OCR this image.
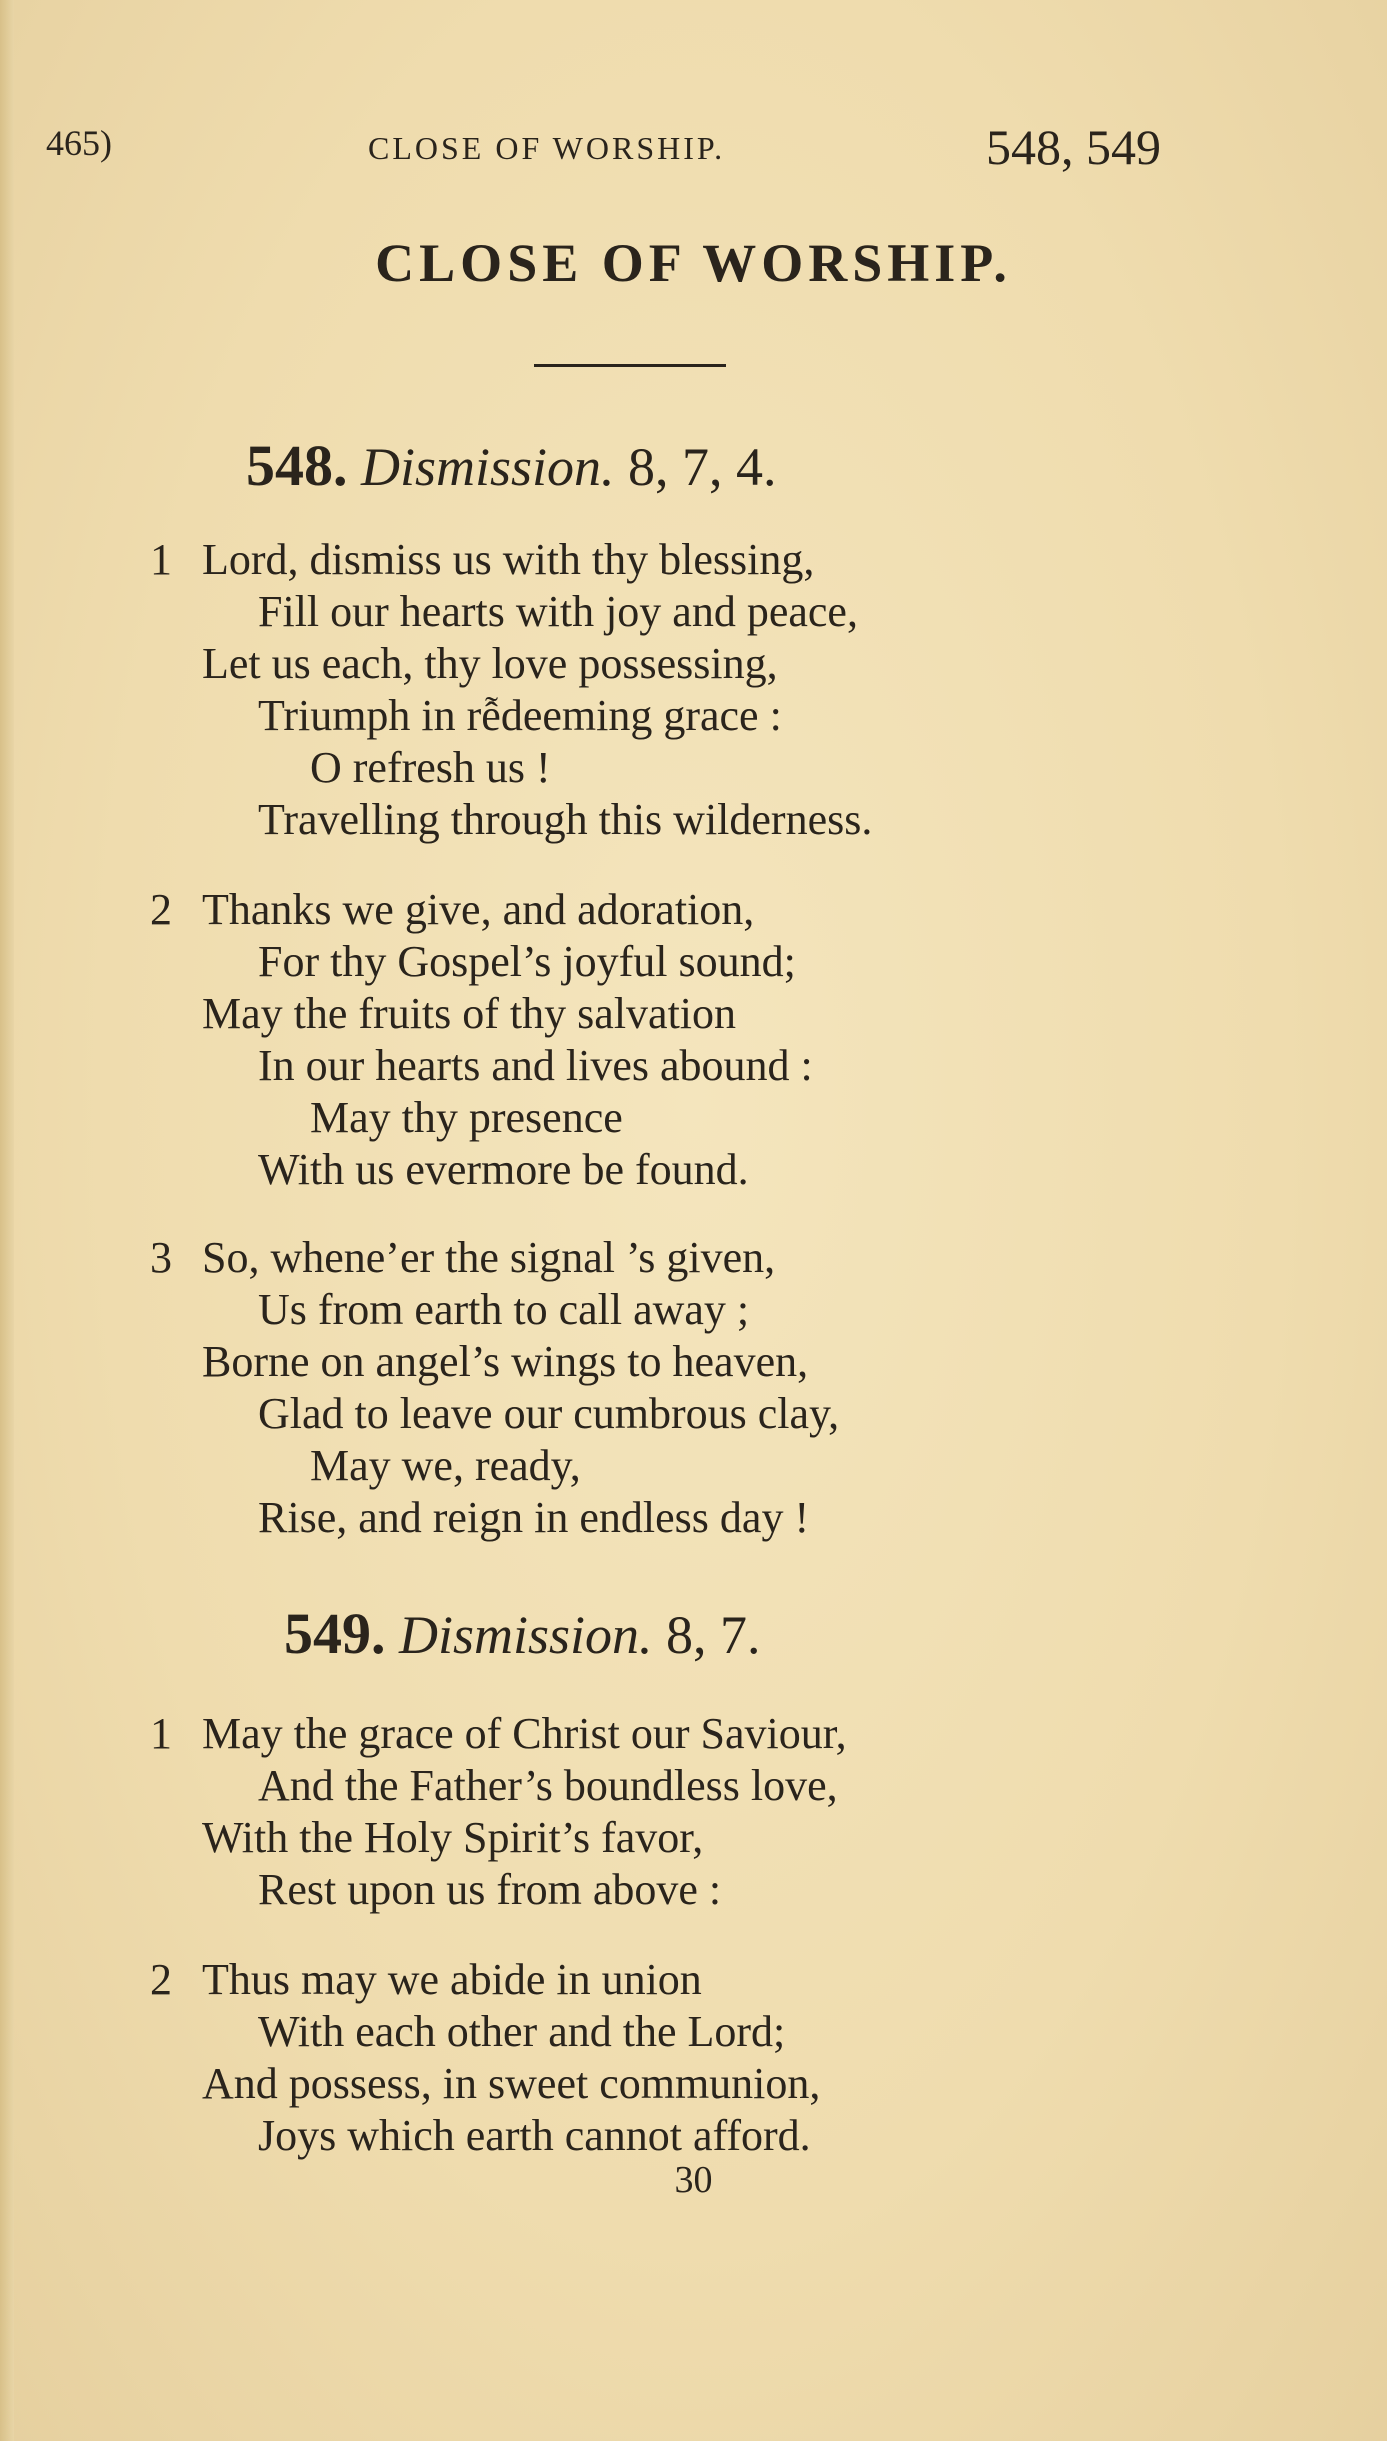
465)	CLOSE OF WORSHIP.	548, 549
CLOSE OF WORSHIP.
548. Dismission. 8, 7, 4.
1 Lord, dismiss us with thy blessing,
Fill our hearts with joy and peace,
Let us each, thy love possessing,
Triumph in rễdeeming grace :
O refresh us !
Travelling through this wilderness.
2 Thanks we give, and adoration,
For thy Gospel’s joyful sound;
May the fruits of thy salvation
In our hearts and lives abound :
May thy presence
With us evermore be found.
3 So, whene’er the signal ’s given,
Us from earth to call away ;
Borne on angel’s wings to heaven,
Glad to leave our cumbrous clay,
May we, ready,
Rise, and reign in endless day !
549. Dismission. 8, 7.
1 May the grace of Christ our Saviour,
And the Father’s boundless love,
With the Holy Spirit’s favor,
Rest upon us from above :
2 Thus may we abide in union
With each other and the Lord;
And possess, in sweet communion,
Joys which earth cannot afford.
30
